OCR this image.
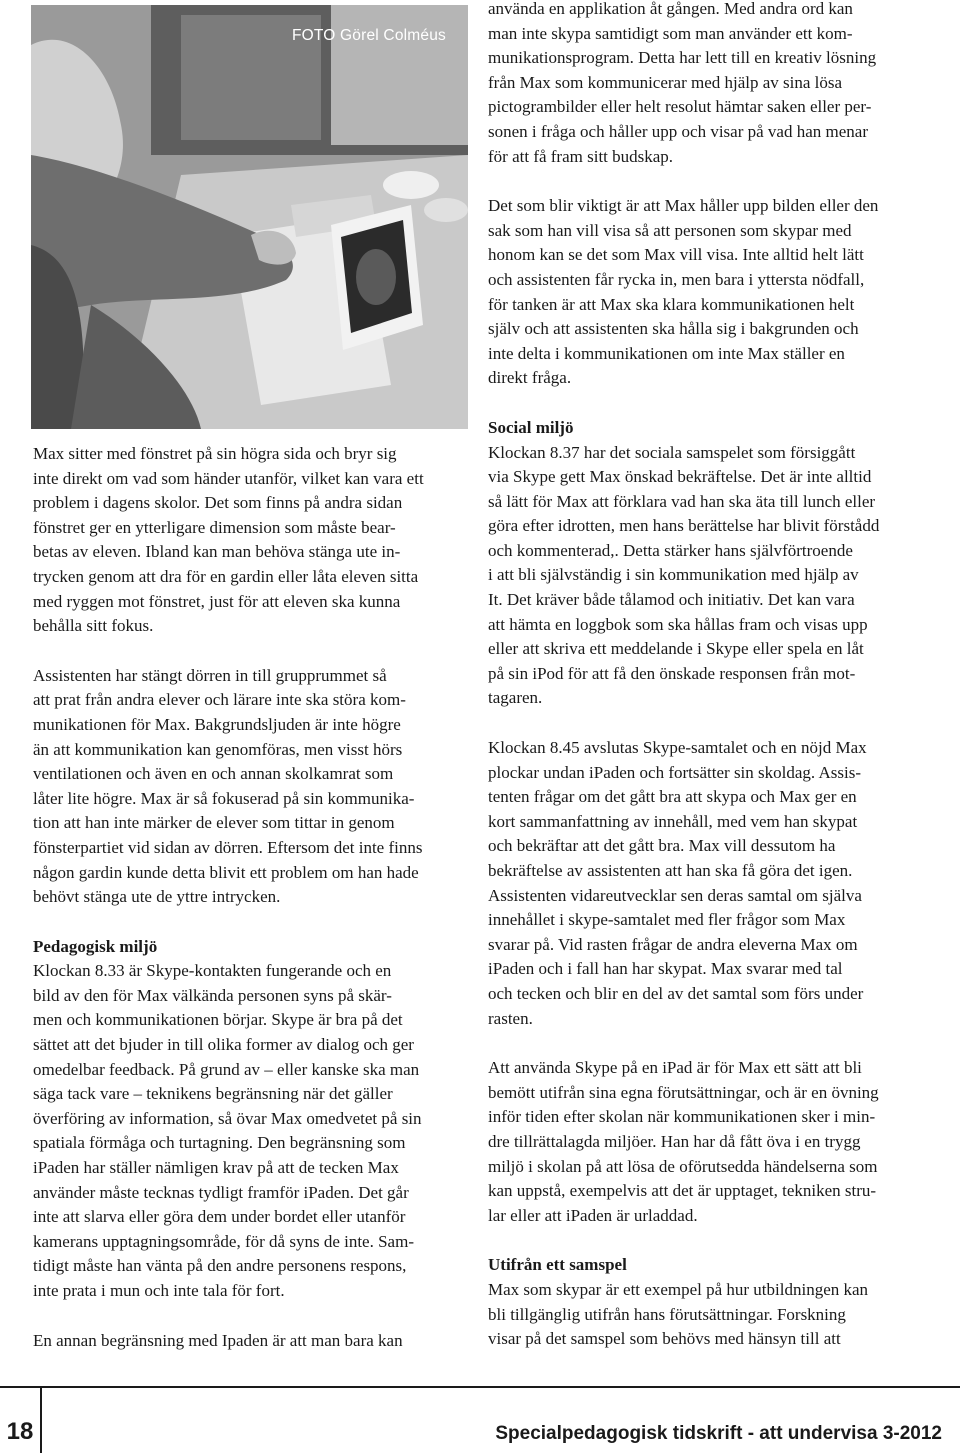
FOTO Görel Colméus

Max sitter med fönstret på sin högra sida och bryr sig
inte direkt om vad som händer utanför, vilket kan vara ett
problem i dagens skolor. Det som finns på andra sidan
fönstret ger en ytterligare dimension som måste bear-
betas av eleven. Ibland kan man behöva stänga ute in-
trycken genom att dra för en gardin eller låta eleven sitta
med ryggen mot fönstret, just för att eleven ska kunna
behålla sitt fokus.

Assistenten har stängt dörren in till grupprummet så
att prat från andra elever och lärare inte ska störa kom-
munikationen för Max. Bakgrundsljuden är inte högre
än att kommunikation kan genomföras, men visst hörs
ventilationen och även en och annan skolkamrat som
låter lite högre. Max är så fokuserad på sin kommunika-
tion att han inte märker de elever som tittar in genom
fönsterpartiet vid sidan av dörren. Eftersom det inte finns
någon gardin kunde detta blivit ett problem om han hade
behövt stänga ute de yttre intrycken.

Pedagogisk miljö

Klockan 8.33 är Skype-kontakten fungerande och en
bild av den för Max välkända personen syns på skär-
men och kommunikationen börjar. Skype är bra på det
sättet att det bjuder in till olika former av dialog och ger
omedelbar feedback. På grund av – eller kanske ska man
säga tack vare – teknikens begränsning när det gäller
överföring av information, så övar Max omedvetet på sin
spatiala förmåga och turtagning. Den begränsning som
iPaden har ställer nämligen krav på att de tecken Max
använder måste tecknas tydligt framför iPaden. Det går
inte att slarva eller göra dem under bordet eller utanför
kamerans upptagningsområde, för då syns de inte. Sam-
tidigt måste han vänta på den andre personens respons,
inte prata i mun och inte tala för fort.

En annan begränsning med Ipaden är att man bara kan

använda en applikation åt gången. Med andra ord kan
man inte skypa samtidigt som man använder ett kom-
munikationsprogram. Detta har lett till en kreativ lösning
från Max som kommunicerar med hjälp av sina lösa
pictogrambilder eller helt resolut hämtar saken eller per-
sonen i fråga och håller upp och visar på vad han menar
för att få fram sitt budskap.

Det som blir viktigt är att Max håller upp bilden eller den
sak som han vill visa så att personen som skypar med
honom kan se det som Max vill visa. Inte alltid helt lätt
och assistenten får rycka in, men bara i yttersta nödfall,
för tanken är att Max ska klara kommunikationen helt
själv och att assistenten ska hålla sig i bakgrunden och
inte delta i kommunikationen om inte Max ställer en
direkt fråga.

Social miljö

Klockan 8.37 har det sociala samspelet som försiggått
via Skype gett Max önskad bekräftelse. Det är inte alltid
så lätt för Max att förklara vad han ska äta till lunch eller
göra efter idrotten, men hans berättelse har blivit förstådd
och kommenterad,. Detta stärker hans självförtroende
i att bli självständig i sin kommunikation med hjälp av
It. Det kräver både tålamod och initiativ. Det kan vara
att hämta en loggbok som ska hållas fram och visas upp
eller att skriva ett meddelande i Skype eller spela en låt
på sin iPod för att få den önskade responsen från mot-
tagaren.

Klockan 8.45 avslutas Skype-samtalet och en nöjd Max
plockar undan iPaden och fortsätter sin skoldag. Assis-
tenten frågar om det gått bra att skypa och Max ger en
kort sammanfattning av innehåll, med vem han skypat
och bekräftar att det gått bra. Max vill dessutom ha
bekräftelse av assistenten att han ska få göra det igen.
Assistenten vidareutvecklar sen deras samtal om själva
innehållet i skype-samtalet med fler frågor som Max
svarar på. Vid rasten frågar de andra eleverna Max om
iPaden och i fall han har skypat. Max svarar med tal
och tecken och blir en del av det samtal som förs under
rasten.

Att använda Skype på en iPad är för Max ett sätt att bli
bemött utifrån sina egna förutsättningar, och är en övning
inför tiden efter skolan när kommunikationen sker i min-
dre tillrättalagda miljöer. Han har då fått öva i en trygg
miljö i skolan på att lösa de oförutsedda händelserna som
kan uppstå, exempelvis att det är upptaget, tekniken stru-
lar eller att iPaden är urladdad.

Utifrån ett samspel

Max som skypar är ett exempel på hur utbildningen kan
bli tillgänglig utifrån hans förutsättningar. Forskning
visar på det samspel som behövs med hänsyn till att

18	Specialpedagogisk tidskrift - att undervisa 3-2012
